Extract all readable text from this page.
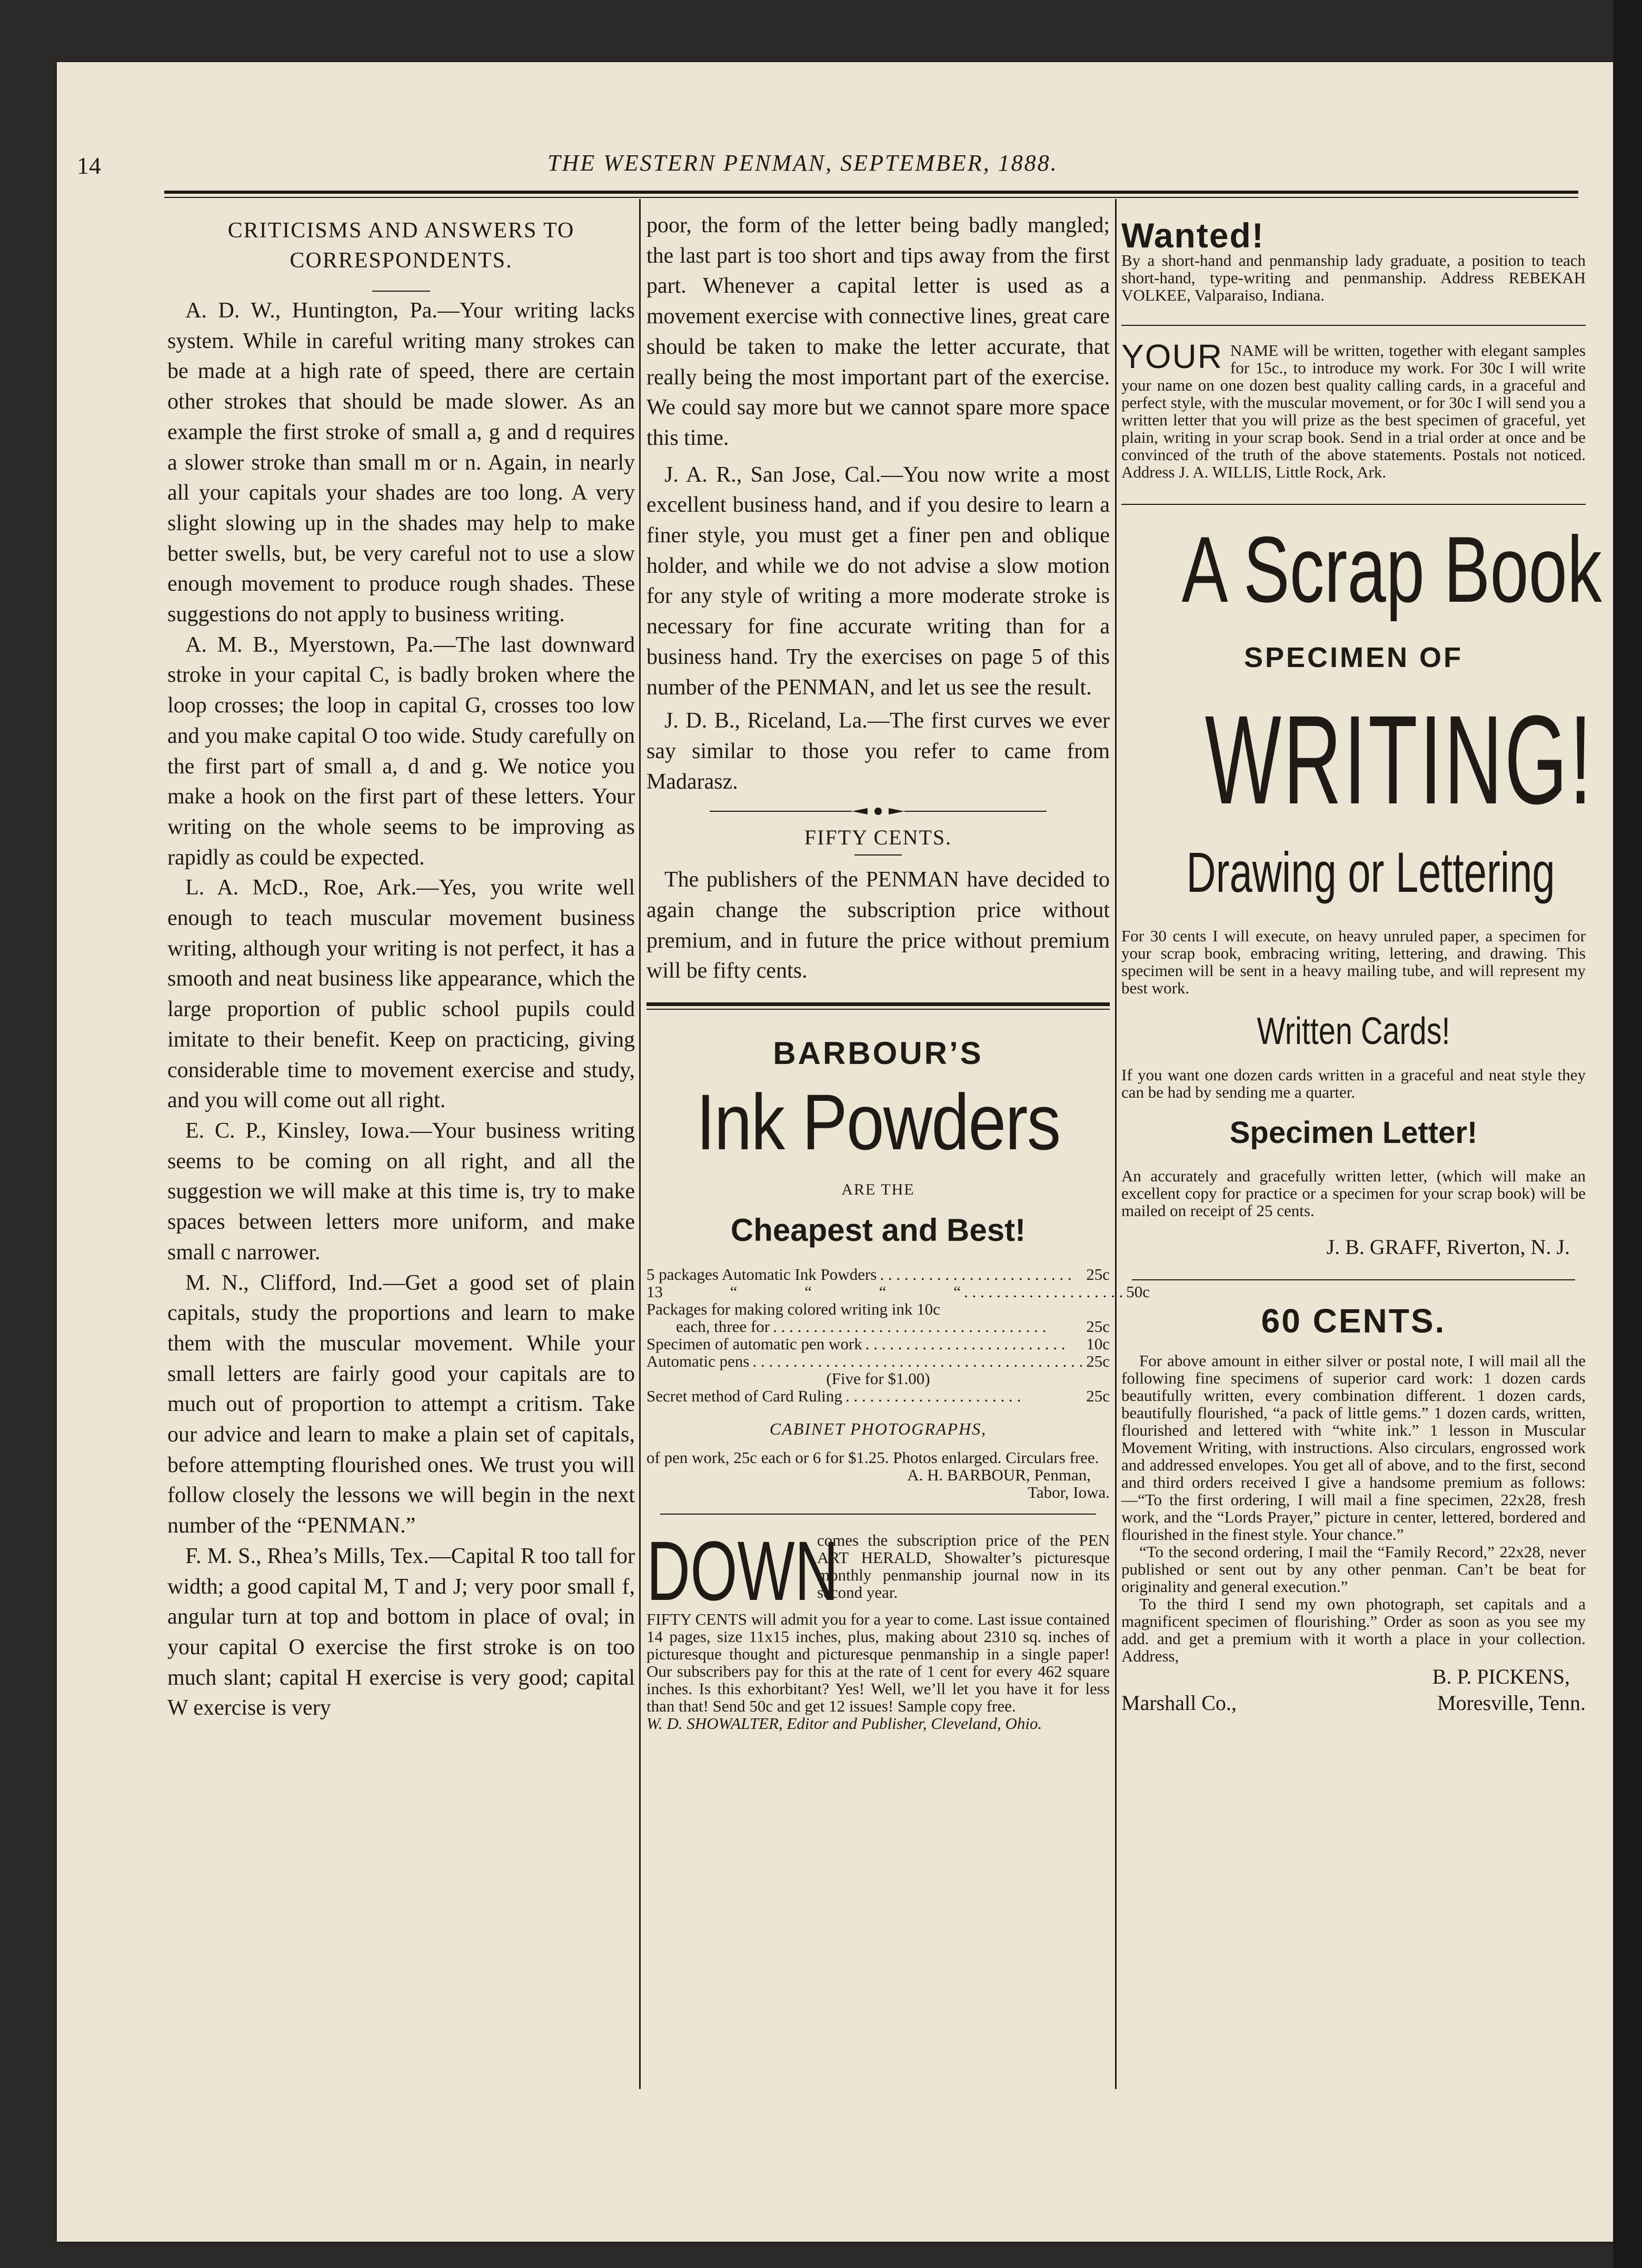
14	THE WESTERN PENMAN, SEPTEMBER, 1888.
CRITICISMS AND ANSWERS TO CORRESPONDENTS.

A. D. W., Huntington, Pa.—Your writing lacks system. While in careful writing many strokes can be made at a high rate of speed, there are certain other strokes that should be made slower. As an example the first stroke of small a, g and d requires a slower stroke than small m or n. Again, in nearly all your capitals your shades are too long. A very slight slowing up in the shades may help to make better swells, but, be very careful not to use a slow enough movement to produce rough shades. These suggestions do not apply to business writing.

A. M. B., Myerstown, Pa.—The last downward stroke in your capital C, is badly broken where the loop crosses; the loop in capital G, crosses too low and you make capital O too wide. Study carefully on the first part of small a, d and g. We notice you make a hook on the first part of these letters. Your writing on the whole seems to be improving as rapidly as could be expected.

L. A. McD., Roe, Ark.—Yes, you write well enough to teach muscular movement business writing, although your writing is not perfect, it has a smooth and neat business like appearance, which the large proportion of public school pupils could imitate to their benefit. Keep on practicing, giving considerable time to movement exercise and study, and you will come out all right.

E. C. P., Kinsley, Iowa.—Your business writing seems to be coming on all right, and all the suggestion we will make at this time is, try to make spaces between letters more uniform, and make small c narrower.

M. N., Clifford, Ind.—Get a good set of plain capitals, study the proportions and learn to make them with the muscular movement. While your small letters are fairly good your capitals are to much out of proportion to attempt a critism. Take our advice and learn to make a plain set of capitals, before attempting flourished ones. We trust you will follow closely the lessons we will begin in the next number of the “PENMAN.”

F. M. S., Rhea’s Mills, Tex.—Capital R too tall for width; a good capital M, T and J; very poor small f, angular turn at top and bottom in place of oval; in your capital O exercise the first stroke is on too much slant; capital H exercise is very good; capital W exercise is very

poor, the form of the letter being badly mangled; the last part is too short and tips away from the first part. Whenever a capital letter is used as a movement exercise with connective lines, great care should be taken to make the letter accurate, that really being the most important part of the exercise. We could say more but we cannot spare more space this time.

J. A. R., San Jose, Cal.—You now write a most excellent business hand, and if you desire to learn a finer style, you must get a finer pen and oblique holder, and while we do not advise a slow motion for any style of writing a more moderate stroke is necessary for fine accurate writing than for a business hand. Try the exercises on page 5 of this number of the PENMAN, and let us see the result.

J. D. B., Riceland, La.—The first curves we ever say similar to those you refer to came from Madarasz.

FIFTY CENTS.

The publishers of the PENMAN have decided to again change the subscription price without premium, and in future the price without premium will be fifty cents.

BARBOUR’S
Ink Powders
ARE THE
Cheapest and Best!
5 packages Automatic Ink Powders . . . . . . . . . . . . . . . . . . . . . . . . 25c
13 “ “ “ “ . . . . . . . . . . . . . . . . . . . . 50c
Packages for making colored writing ink 10c
each, three for . . . . . . . . . . . . . . . . . . . . . . . . . . . . . . . . . .	25c
Specimen of automatic pen work . . . . . . . . . . . . . . . . . . . . . . . . .	10c
Automatic pens . . . . . . . . . . . . . . . . . . . . . . . . . . . . . . . . . . . . . . . . . 25c
(Five for $1.00)
Secret method of Card Ruling . . . . . . . . . . . . . . . . . . . . . .	25c
CABINET PHOTOGRAPHS,

of pen work, 25c each or 6 for $1.25. Photos enlarged. Circulars free.

A. H. BARBOUR, Penman,
Tabor, Iowa.
DOWN

comes the subscription price of the PEN ART HERALD, Showalter’s picturesque monthly penmanship journal now in its second year.

FIFTY CENTS will admit you for a year to come. Last issue contained 14 pages, size 11x15 inches, plus, making about 2310 sq. inches of picturesque thought and picturesque penmanship in a single paper! Our subscribers pay for this at the rate of 1 cent for every 462 square inches. Is this exhorbitant? Yes! Well, we’ll let you have it for less than that! Send 50c and get 12 issues! Sample copy free.

W. D. SHOWALTER, Editor and Publisher, Cleveland, Ohio.

Wanted!

By a short-hand and penmanship lady graduate, a position to teach short-hand, type-writing and penmanship. Address REBEKAH VOLKEE, Valparaiso, Indiana.

YOUR NAME will be written, together with elegant samples for 15c., to introduce my work. For 30c I will write your name on one dozen best quality calling cards, in a graceful and perfect style, with the muscular movement, or for 30c I will send you a written letter that you will prize as the best specimen of graceful, yet plain, writing in your scrap book. Send in a trial order at once and be convinced of the truth of the above statements. Postals not noticed. Address J. A. WILLIS, Little Rock, Ark.

A Scrap Book
SPECIMEN OF
WRITING!
Drawing or Lettering

For 30 cents I will execute, on heavy unruled paper, a specimen for your scrap book, embracing writing, lettering, and drawing. This specimen will be sent in a heavy mailing tube, and will represent my best work.

Written Cards!

If you want one dozen cards written in a graceful and neat style they can be had by sending me a quarter.

Specimen Letter!

An accurately and gracefully written letter, (which will make an excellent copy for practice or a specimen for your scrap book) will be mailed on receipt of 25 cents.

J. B. GRAFF, Riverton, N. J.
60 CENTS.

For above amount in either silver or postal note, I will mail all the following fine specimens of superior card work: 1 dozen cards beautifully written, every combination different. 1 dozen cards, beautifully flourished, “a pack of little gems.” 1 dozen cards, written, flourished and lettered with “white ink.” 1 lesson in Muscular Movement Writing, with instructions. Also circulars, engrossed work and addressed envelopes. You get all of above, and to the first, second and third orders received I give a handsome premium as follows:—“To the first ordering, I will mail a fine specimen, 22x28, fresh work, and the “Lords Prayer,” picture in center, lettered, bordered and flourished in the finest style. Your chance.”

“To the second ordering, I mail the “Family Record,” 22x28, never published or sent out by any other penman. Can’t be beat for originality and general execution.”

To the third I send my own photograph, set capitals and a magnificent specimen of flourishing.” Order as soon as you see my add. and get a premium with it worth a place in your collection. Address,

B. P. PICKENS,
Marshall Co.,	Moresville, Tenn.
